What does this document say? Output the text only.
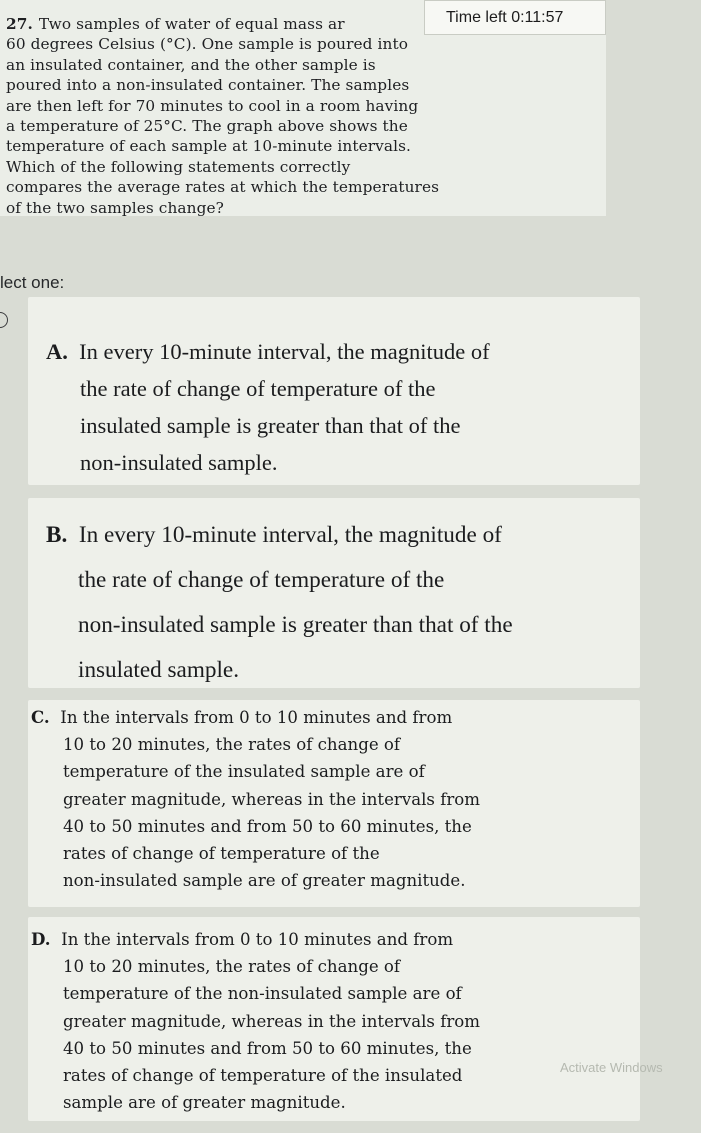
27. Two samples of water of equal mass ar
60 degrees Celsius (°C). One sample is poured into
an insulated container, and the other sample is
poured into a non-insulated container. The samples
are then left for 70 minutes to cool in a room having
a temperature of 25°C. The graph above shows the
temperature of each sample at 10-minute intervals.
Which of the following statements correctly
compares the average rates at which the temperatures
of the two samples change?

Time left
0:11:57
lect one:
A. In every 10-minute interval, the magnitude of
the rate of change of temperature of the
insulated sample is greater than that of the
non-insulated sample.
B. In every 10-minute interval, the magnitude of
the rate of change of temperature of the
non-insulated sample is greater than that of the
insulated sample.
C. In the intervals from 0 to 10 minutes and from
10 to 20 minutes, the rates of change of
temperature of the insulated sample are of
greater magnitude, whereas in the intervals from
40 to 50 minutes and from 50 to 60 minutes, the
rates of change of temperature of the
non-insulated sample are of greater magnitude.
D. In the intervals from 0 to 10 minutes and from
10 to 20 minutes, the rates of change of
temperature of the non-insulated sample are of
greater magnitude, whereas in the intervals from
40 to 50 minutes and from 50 to 60 minutes, the
rates of change of temperature of the insulated
sample are of greater magnitude.
Activate Windows
